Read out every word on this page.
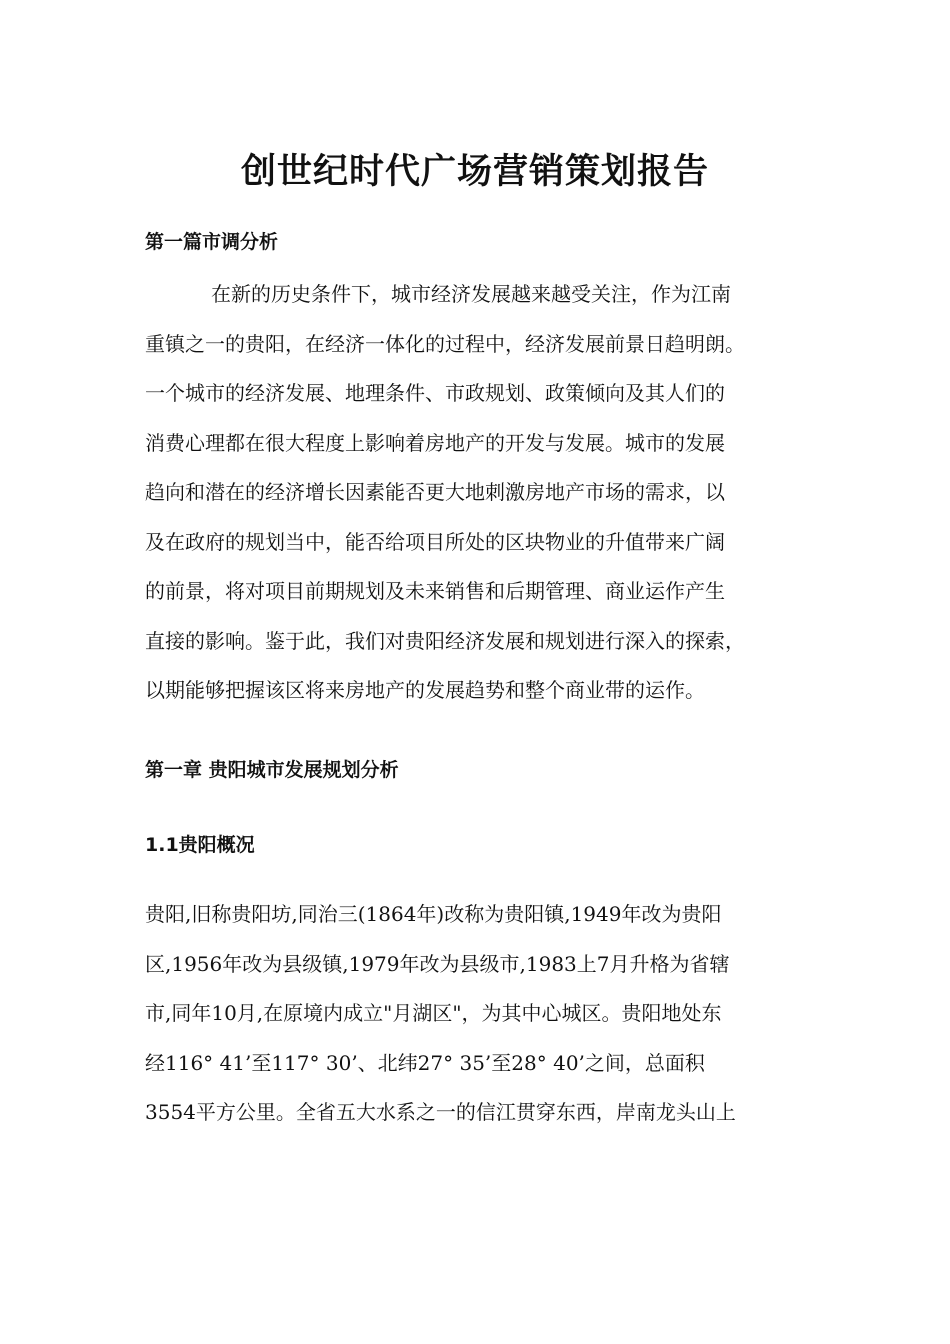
创世纪时代广场营销策划报告
第一篇市调分析
在新的历史条件下，城市经济发展越来越受关注，作为江南
重镇之一的贵阳，在经济一体化的过程中，经济发展前景日趋明朗。
一个城市的经济发展、地理条件、市政规划、政策倾向及其人们的
消费心理都在很大程度上影响着房地产的开发与发展。城市的发展
趋向和潜在的经济增长因素能否更大地刺激房地产市场的需求，以
及在政府的规划当中，能否给项目所处的区块物业的升值带来广阔
的前景，将对项目前期规划及未来销售和后期管理、商业运作产生
直接的影响。鉴于此，我们对贵阳经济发展和规划进行深入的探索，
以期能够把握该区将来房地产的发展趋势和整个商业带的运作。
第一章 贵阳城市发展规划分析
1.1贵阳概况
贵阳,旧称贵阳坊,同治三(1864年)改称为贵阳镇,1949年改为贵阳
区,1956年改为县级镇,1979年改为县级市,1983上7月升格为省辖
市,同年10月,在原境内成立"月湖区"，为其中心城区。贵阳地处东
经116° 41’至117° 30’、北纬27° 35’至28° 40’之间，总面积
3554平方公里。全省五大水系之一的信江贯穿东西，岸南龙头山上
